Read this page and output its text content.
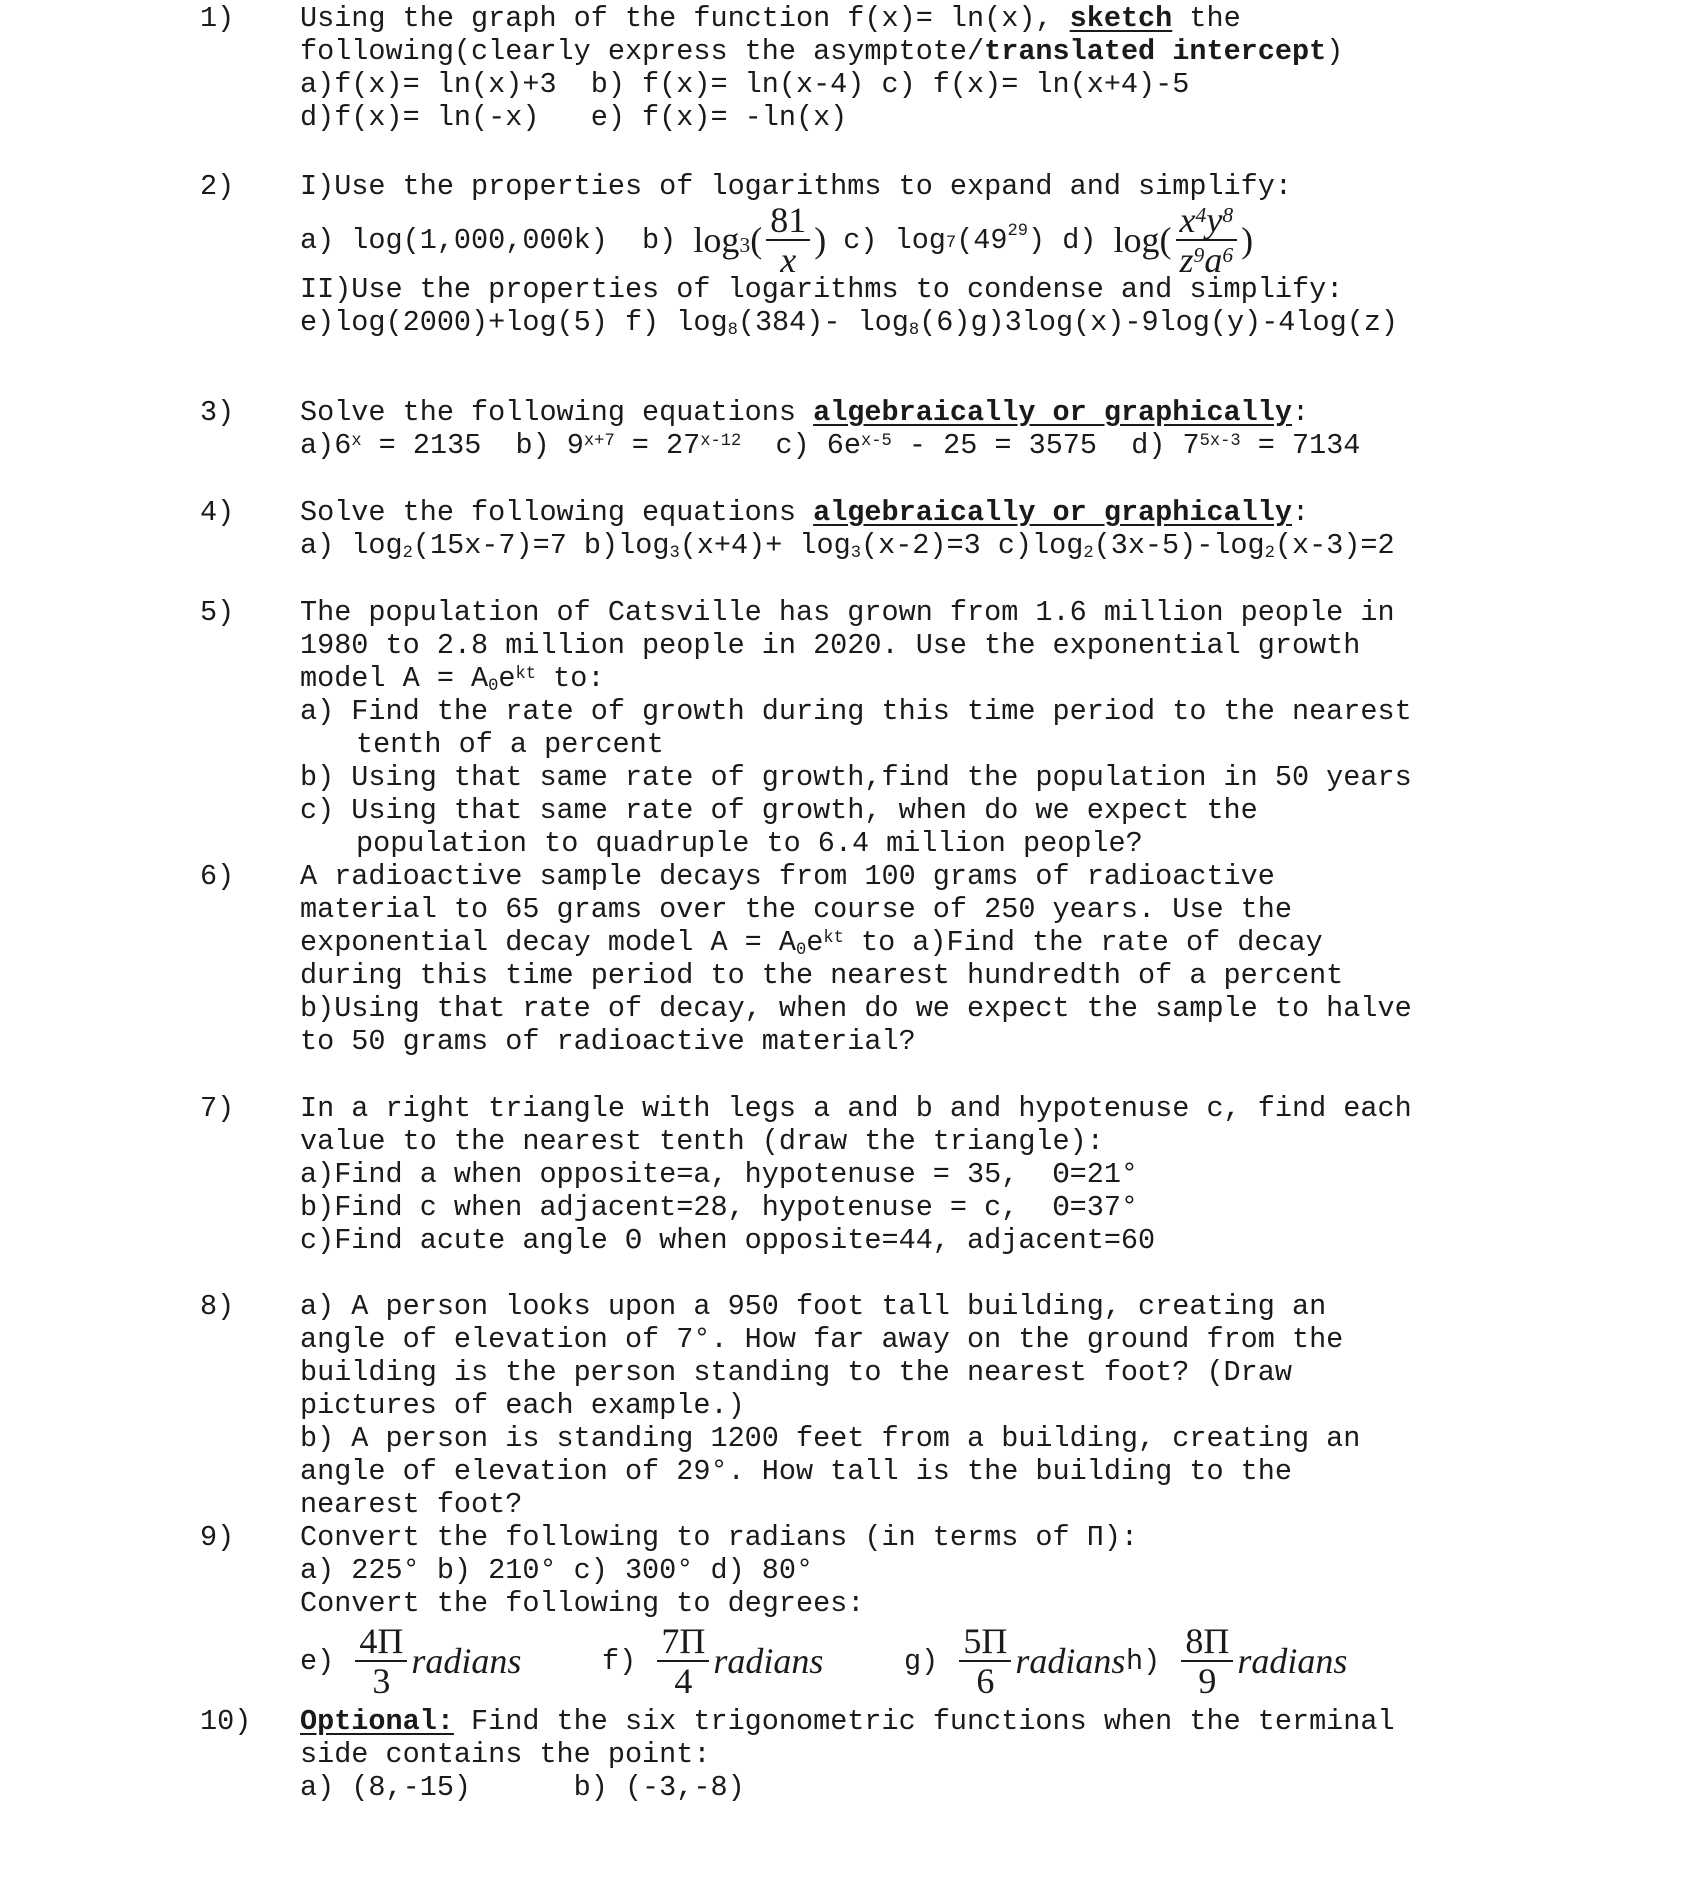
1) Using the graph of the function f(x)= ln(x), sketch the
following(clearly express the asymptote/translated intercept)
a)f(x)= ln(x)+3  b) f(x)= ln(x-4) c) f(x)= ln(x+4)-5
d)f(x)= ln(-x)   e) f(x)= -ln(x)
2) I)Use the properties of logarithms to expand and simplify:
a) log(1,000,000k)  b) $\log_3$ ( $\frac{81}{x}$ ) c) $\log_7 (49^{29}$ ) d) $\log( \frac{x^4y^8}{z^9a^6}$ )
II)Use the properties of logarithms to condense and simplify:
e)log(2000)+log(5) f) $\log_8(384)-$ $\log_8(6)g)3\log(x)-9\log(y)-4\log(z)$
3) Solve the following equations algebraically or graphically:
$a)6^x = 2135$  b) $9^{x+7} = 27^{x-12}$  c) $6e^{x-5} - 25 = 3575$  d) $7^{5x-3} = 7134$
4) Solve the following equations algebraically or graphically:
a) $\log_2(15x-7)=7$ $b)\log_3(x+4)+ \log_3(x-2)=3$ $c)\log_2(3x-5)-\log_2(x-3)=2$
5) The population of Catsville has grown from 1.6 million people in
1980 to 2.8 million people in 2020. Use the exponential growth
model $A = A_0e^{kt}$ to:
a) Find the rate of growth during this time period to the nearest
tenth of a percent
b) Using that same rate of growth,find the population in 50 years
c) Using that same rate of growth, when do we expect the
population to quadruple to 6.4 million people?
6) A radioactive sample decays from 100 grams of radioactive
material to 65 grams over the course of 250 years. Use the
exponential decay model $A = A_0e^{kt}$ to a)Find the rate of decay
during this time period to the nearest hundredth of a percent
b)Using that rate of decay, when do we expect the sample to halve
to 50 grams of radioactive material?
7) In a right triangle with legs a and b and hypotenuse c, find each
value to the nearest tenth (draw the triangle):
a)Find a when opposite=a, hypotenuse = 35,  Θ=21°
b)Find c when adjacent=28, hypotenuse = c,  Θ=37°
c)Find acute angle Θ when opposite=44, adjacent=60
8) a) A person looks upon a 950 foot tall building, creating an
angle of elevation of 7°. How far away on the ground from the
building is the person standing to the nearest foot? (Draw
pictures of each example.)
b) A person is standing 1200 feet from a building, creating an
angle of elevation of 29°. How tall is the building to the
nearest foot?
9) Convert the following to radians (in terms of Π):
a) 225° b) 210° c) 300° d) 80°
Convert the following to degrees:
$e) \frac{4\Pi}{3}$ radians	$f) \frac{7\Pi}{4}$ radians	$g) \frac{5\Pi}{6}$ radians $h) \frac{8\Pi}{9}$ radians
10) Optional: Find the six trigonometric functions when the terminal
side contains the point:
a) (8,-15)      b) (-3,-8)
